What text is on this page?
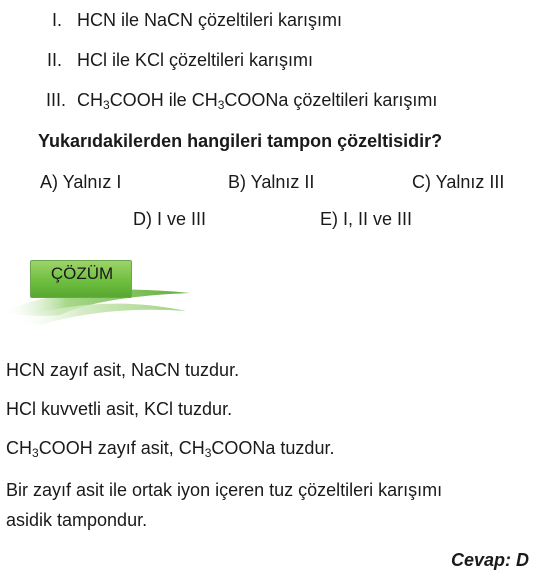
I. HCN ile NaCN çözeltileri karışımı
II. HCl ile KCl çözeltileri karışımı
III. $CH_3COOH$ ile $CH_3COONa$ çözeltileri karışımı
Yukarıdakilerden hangileri tampon çözeltisidir?
A) Yalnız I	B) Yalnız II	C) Yalnız III
D) I ve III	E) I, II ve III
ÇÖZÜM
HCN zayıf asit, NaCN tuzdur.
HCl kuvvetli asit, KCl tuzdur.
$CH_3COOH$ zayıf asit, $CH_3COONa$ tuzdur.
Bir zayıf asit ile ortak iyon içeren tuz çözeltileri karışımı
asidik tampondur.
Cevap: D
